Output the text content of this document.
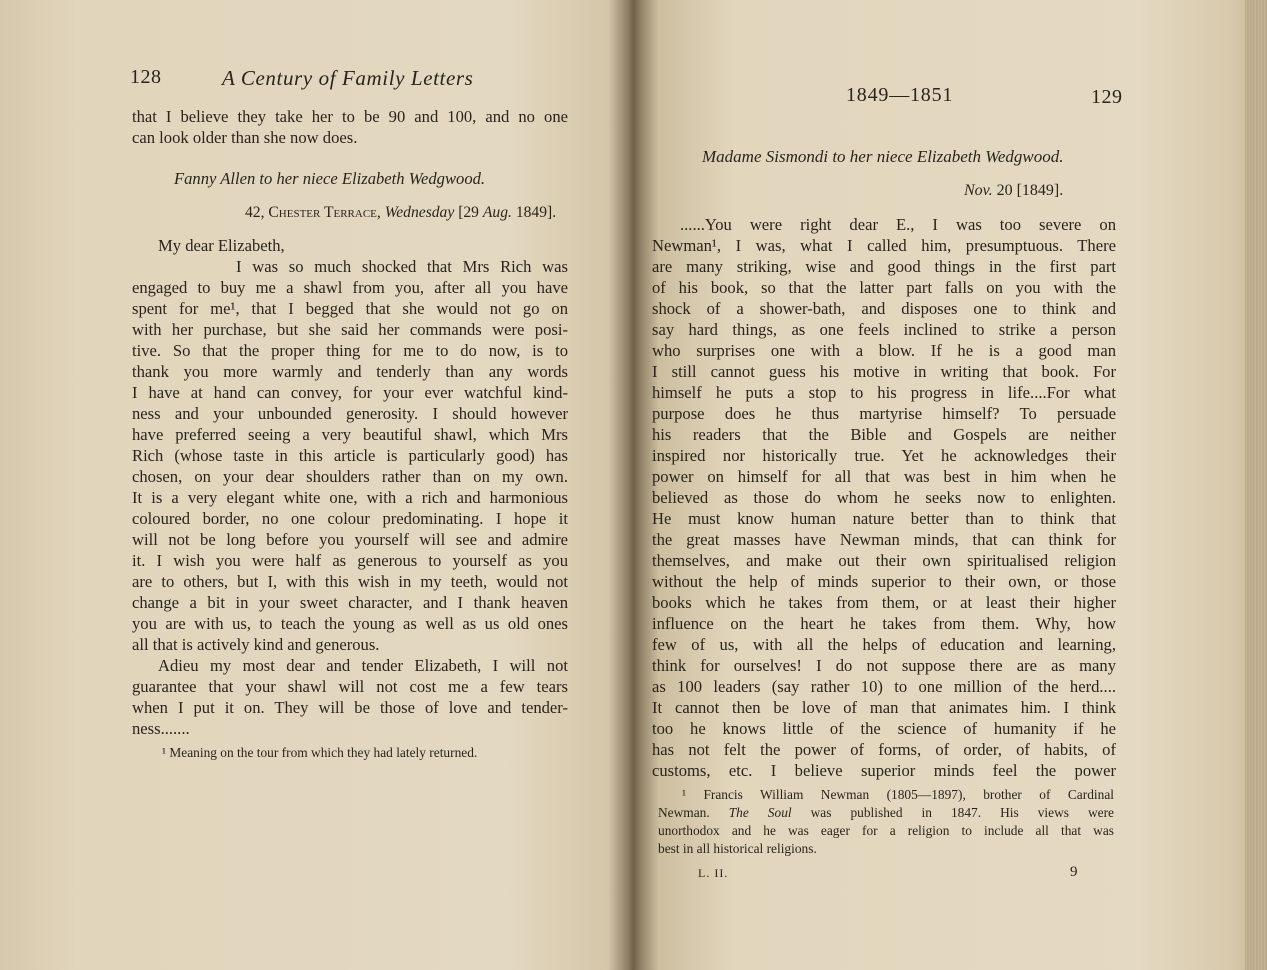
128	A Century of Family Letters
that I believe they take her to be 90 and 100, and no one
can look older than she now does.
Fanny Allen to her niece Elizabeth Wedgwood.
42, Chester Terrace, Wednesday [29 Aug. 1849].
My dear Elizabeth,
I was so much shocked that Mrs Rich was
engaged to buy me a shawl from you, after all you have
spent for me¹, that I begged that she would not go on
with her purchase, but she said her commands were posi-
tive. So that the proper thing for me to do now, is to
thank you more warmly and tenderly than any words
I have at hand can convey, for your ever watchful kind-
ness and your unbounded generosity. I should however
have preferred seeing a very beautiful shawl, which Mrs
Rich (whose taste in this article is particularly good) has
chosen, on your dear shoulders rather than on my own.
It is a very elegant white one, with a rich and harmonious
coloured border, no one colour predominating. I hope it
will not be long before you yourself will see and admire
it. I wish you were half as generous to yourself as you
are to others, but I, with this wish in my teeth, would not
change a bit in your sweet character, and I thank heaven
you are with us, to teach the young as well as us old ones
all that is actively kind and generous.
Adieu my most dear and tender Elizabeth, I will not
guarantee that your shawl will not cost me a few tears
when I put it on. They will be those of love and tender-
ness.......
¹ Meaning on the tour from which they had lately returned.
1849—1851	129
Madame Sismondi to her niece Elizabeth Wedgwood.
Nov. 20 [1849].
......You were right dear E., I was too severe on
Newman¹, I was, what I called him, presumptuous. There
are many striking, wise and good things in the first part
of his book, so that the latter part falls on you with the
shock of a shower-bath, and disposes one to think and
say hard things, as one feels inclined to strike a person
who surprises one with a blow. If he is a good man
I still cannot guess his motive in writing that book. For
himself he puts a stop to his progress in life....For what
purpose does he thus martyrise himself? To persuade
his readers that the Bible and Gospels are neither
inspired nor historically true. Yet he acknowledges their
power on himself for all that was best in him when he
believed as those do whom he seeks now to enlighten.
He must know human nature better than to think that
the great masses have Newman minds, that can think for
themselves, and make out their own spiritualised religion
without the help of minds superior to their own, or those
books which he takes from them, or at least their higher
influence on the heart he takes from them. Why, how
few of us, with all the helps of education and learning,
think for ourselves! I do not suppose there are as many
as 100 leaders (say rather 10) to one million of the herd....
It cannot then be love of man that animates him. I think
too he knows little of the science of humanity if he
has not felt the power of forms, of order, of habits, of
customs, etc. I believe superior minds feel the power
¹ Francis William Newman (1805—1897), brother of Cardinal
Newman. The Soul was published in 1847. His views were
unorthodox and he was eager for a religion to include all that was
best in all historical religions.
L. II.	9
